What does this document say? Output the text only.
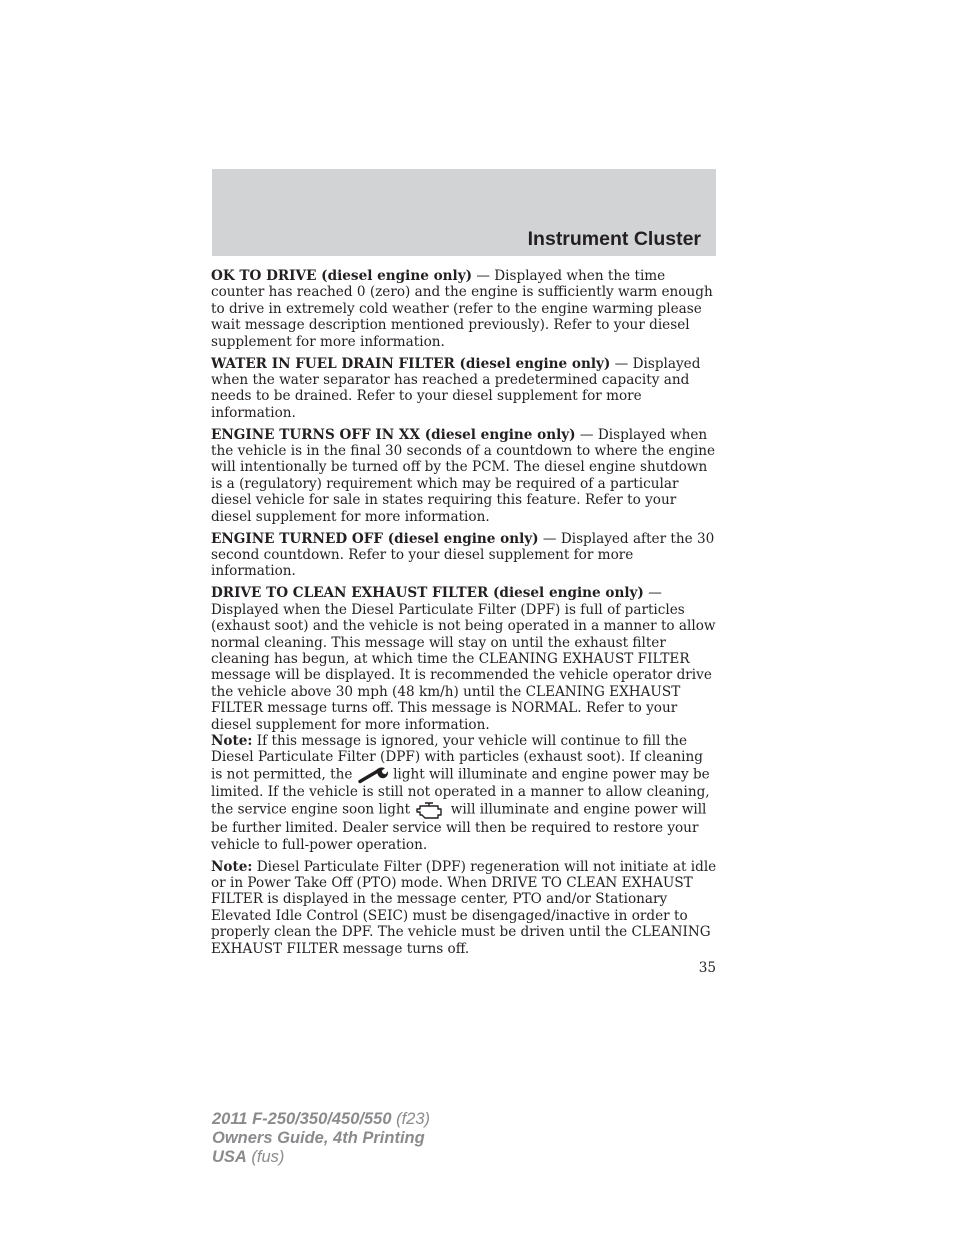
Instrument Cluster

OK TO DRIVE (diesel engine only) — Displayed when the time counter has reached 0 (zero) and the engine is sufficiently warm enough to drive in extremely cold weather (refer to the engine warming please wait message description mentioned previously). Refer to your diesel supplement for more information.

WATER IN FUEL DRAIN FILTER (diesel engine only) — Displayed when the water separator has reached a predetermined capacity and needs to be drained. Refer to your diesel supplement for more information.

ENGINE TURNS OFF IN XX (diesel engine only) — Displayed when the vehicle is in the final 30 seconds of a countdown to where the engine will intentionally be turned off by the PCM. The diesel engine shutdown is a (regulatory) requirement which may be required of a particular diesel vehicle for sale in states requiring this feature. Refer to your diesel supplement for more information.

ENGINE TURNED OFF (diesel engine only) — Displayed after the 30 second countdown. Refer to your diesel supplement for more information.

DRIVE TO CLEAN EXHAUST FILTER (diesel engine only) — Displayed when the Diesel Particulate Filter (DPF) is full of particles (exhaust soot) and the vehicle is not being operated in a manner to allow normal cleaning. This message will stay on until the exhaust filter cleaning has begun, at which time the CLEANING EXHAUST FILTER message will be displayed. It is recommended the vehicle operator drive the vehicle above 30 mph (48 km/h) until the CLEANING EXHAUST FILTER message turns off. This message is NORMAL. Refer to your diesel supplement for more information.

Note: If this message is ignored, your vehicle will continue to fill the Diesel Particulate Filter (DPF) with particles (exhaust soot). If cleaning is not permitted, the
light will illuminate and engine power may be limited. If the vehicle is still not operated in a manner to allow cleaning, the service engine soon light
will illuminate and engine power will be further limited. Dealer service will then be required to restore your vehicle to full-power operation.

Note: Diesel Particulate Filter (DPF) regeneration will not initiate at idle or in Power Take Off (PTO) mode. When DRIVE TO CLEAN EXHAUST FILTER is displayed in the message center, PTO and/or Stationary Elevated Idle Control (SEIC) must be disengaged/inactive in order to properly clean the DPF. The vehicle must be driven until the CLEANING EXHAUST FILTER message turns off.

35
2011 F-250/350/450/550 (f23)
Owners Guide, 4th Printing
USA (fus)
